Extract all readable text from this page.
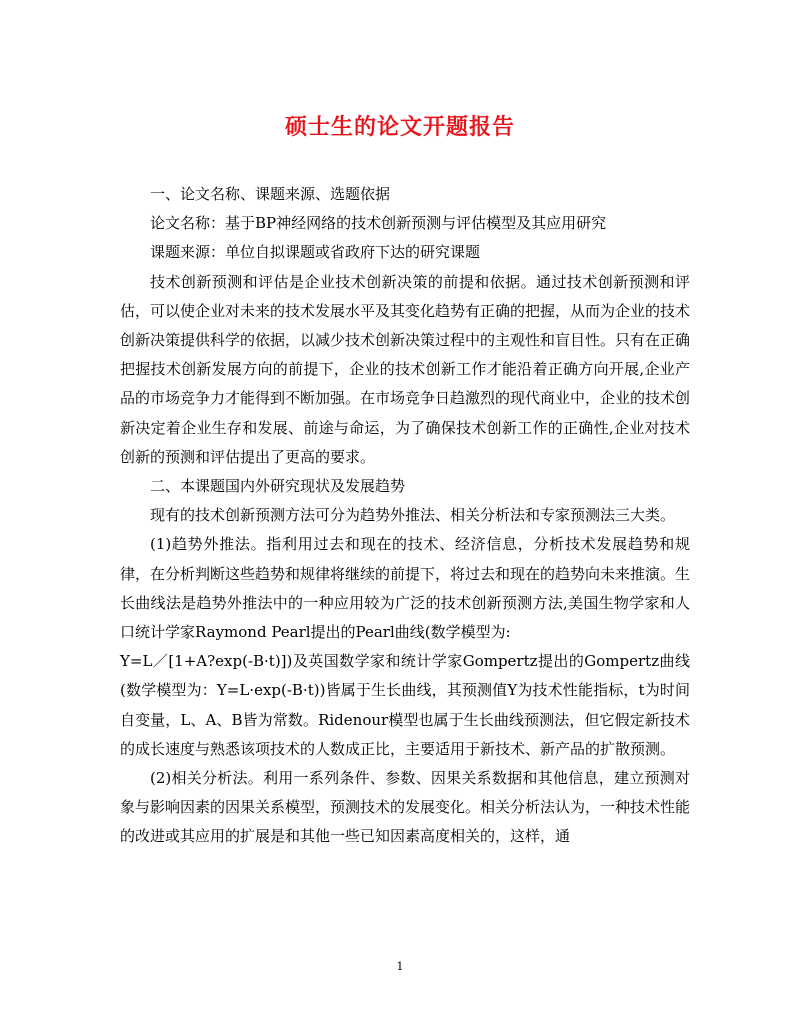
硕士生的论文开题报告

一、论文名称、课题来源、选题依据

论文名称：基于BP神经网络的技术创新预测与评估模型及其应用研究

课题来源：单位自拟课题或省政府下达的研究课题

技术创新预测和评估是企业技术创新决策的前提和依据。通过技术创新预测和评估，可以使企业对未来的技术发展水平及其变化趋势有正确的把握，从而为企业的技术创新决策提供科学的依据，以减少技术创新决策过程中的主观性和盲目性。只有在正确把握技术创新发展方向的前提下，企业的技术创新工作才能沿着正确方向开展,企业产品的市场竞争力才能得到不断加强。在市场竞争日趋激烈的现代商业中，企业的技术创新决定着企业生存和发展、前途与命运，为了确保技术创新工作的正确性,企业对技术创新的预测和评估提出了更高的要求。

二、本课题国内外研究现状及发展趋势

现有的技术创新预测方法可分为趋势外推法、相关分析法和专家预测法三大类。

(1)趋势外推法。指利用过去和现在的技术、经济信息，分析技术发展趋势和规律，在分析判断这些趋势和规律将继续的前提下，将过去和现在的趋势向未来推演。生长曲线法是趋势外推法中的一种应用较为广泛的技术创新预测方法,美国生物学家和人口统计学家Raymond Pearl提出的Pearl曲线(数学模型为:

Y=L／[1+A?exp(-B·t)])及英国数学家和统计学家Gompertz提出的Gompertz曲线(数学模型为：Y=L·exp(-B·t))皆属于生长曲线，其预测值Y为技术性能指标，t为时间自变量，L、A、B皆为常数。Ridenour模型也属于生长曲线预测法，但它假定新技术的成长速度与熟悉该项技术的人数成正比，主要适用于新技术、新产品的扩散预测。

(2)相关分析法。利用一系列条件、参数、因果关系数据和其他信息，建立预测对象与影响因素的因果关系模型，预测技术的发展变化。相关分析法认为，一种技术性能的改进或其应用的扩展是和其他一些已知因素高度相关的，这样，通

1
